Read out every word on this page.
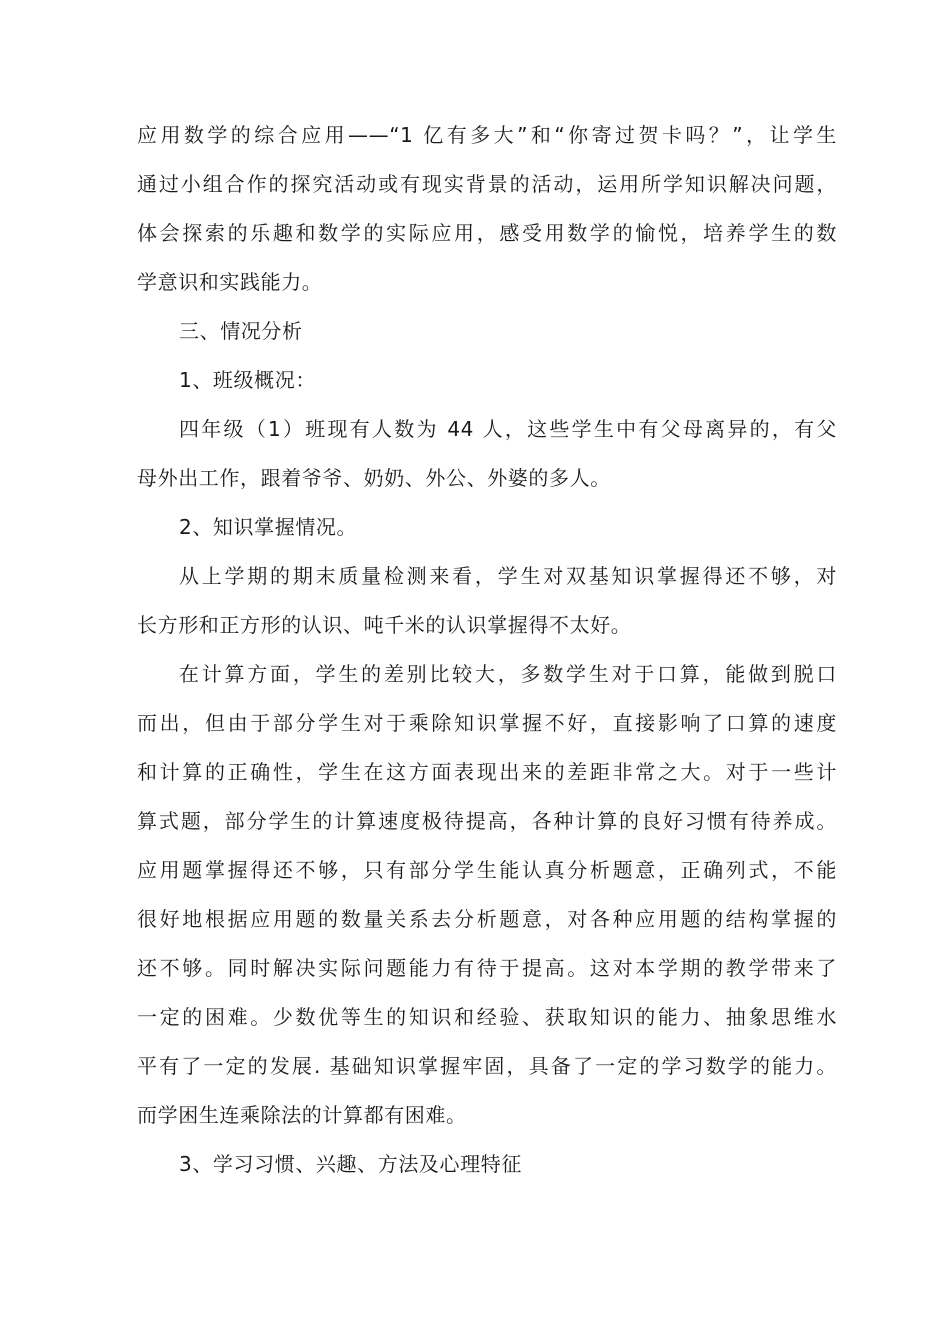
应用数学的综合应用——“1 亿有多大”和“你寄过贺卡吗？”，让学生
通过小组合作的探究活动或有现实背景的活动，运用所学知识解决问题，
体会探索的乐趣和数学的实际应用，感受用数学的愉悦，培养学生的数
学意识和实践能力。
三、情况分析
1、班级概况：
四年级（1）班现有人数为 44 人，这些学生中有父母离异的，有父
母外出工作，跟着爷爷、奶奶、外公、外婆的多人。
2、知识掌握情况。
从上学期的期末质量检测来看，学生对双基知识掌握得还不够，对
长方形和正方形的认识、吨千米的认识掌握得不太好。
在计算方面，学生的差别比较大，多数学生对于口算，能做到脱口
而出，但由于部分学生对于乘除知识掌握不好，直接影响了口算的速度
和计算的正确性，学生在这方面表现出来的差距非常之大。对于一些计
算式题，部分学生的计算速度极待提高，各种计算的良好习惯有待养成。
应用题掌握得还不够，只有部分学生能认真分析题意，正确列式，不能
很好地根据应用题的数量关系去分析题意，对各种应用题的结构掌握的
还不够。同时解决实际问题能力有待于提高。这对本学期的教学带来了
一定的困难。少数优等生的知识和经验、获取知识的能力、抽象思维水
平有了一定的发展. 基础知识掌握牢固，具备了一定的学习数学的能力。
而学困生连乘除法的计算都有困难。
3、学习习惯、兴趣、方法及心理特征
